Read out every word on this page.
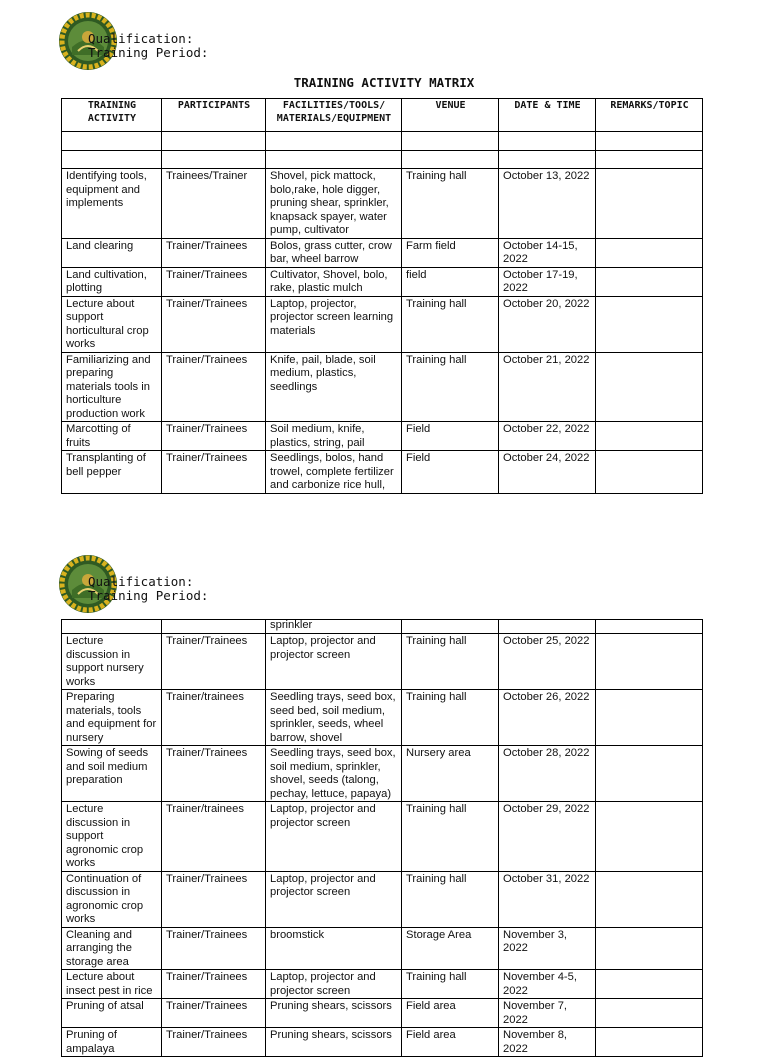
Qualification:
Training Period:
TRAINING ACTIVITY MATRIX
TRAINING ACTIVITY	PARTICIPANTS	FACILITIES/TOOLS/ MATERIALS/EQUIPMENT	VENUE	DATE & TIME	REMARKS/TOPIC

Identifying tools, equipment and implements	Trainees/Trainer	Shovel, pick mattock, bolo,rake, hole digger, pruning shear, sprinkler, knapsack spayer, water pump, cultivator	Training hall	October 13, 2022	
Land clearing	Trainer/Trainees	Bolos, grass cutter, crow bar, wheel barrow	Farm field	October 14-15, 2022	
Land cultivation, plotting	Trainer/Trainees	Cultivator, Shovel, bolo, rake, plastic mulch	field	October 17-19, 2022	
Lecture about support horticultural crop works	Trainer/Trainees	Laptop, projector, projector screen learning materials	Training hall	October 20, 2022	
Familiarizing and preparing materials tools in horticulture production work	Trainer/Trainees	Knife, pail, blade, soil medium, plastics, seedlings	Training hall	October 21, 2022	
Marcotting of fruits	Trainer/Trainees	Soil medium, knife, plastics, string, pail	Field	October 22, 2022	
Transplanting of bell pepper	Trainer/Trainees	Seedlings, bolos, hand trowel, complete fertilizer and carbonize rice hull,	Field	October 24, 2022	
Qualification:
Training Period:
		sprinkler			
Lecture discussion in support nursery works	Trainer/Trainees	Laptop, projector and projector screen	Training hall	October 25, 2022	
Preparing materials, tools and equipment for nursery	Trainer/trainees	Seedling trays, seed box, seed bed, soil medium, sprinkler, seeds, wheel barrow, shovel	Training hall	October 26, 2022	
Sowing of seeds and soil medium preparation	Trainer/Trainees	Seedling trays, seed box, soil medium, sprinkler, shovel, seeds (talong, pechay, lettuce, papaya)	Nursery area	October 28, 2022	
Lecture discussion in support agronomic crop works	Trainer/trainees	Laptop, projector and projector screen	Training hall	October 29, 2022	
Continuation of discussion in agronomic crop works	Trainer/Trainees	Laptop, projector and projector screen	Training hall	October 31, 2022	
Cleaning and arranging the storage area	Trainer/Trainees	broomstick	Storage Area	November 3, 2022	
Lecture about insect pest in rice	Trainer/Trainees	Laptop, projector and projector screen	Training hall	November 4-5, 2022	
Pruning of atsal	Trainer/Trainees	Pruning shears, scissors	Field area	November 7, 2022	
Pruning of ampalaya	Trainer/Trainees	Pruning shears, scissors	Field area	November 8, 2022	
